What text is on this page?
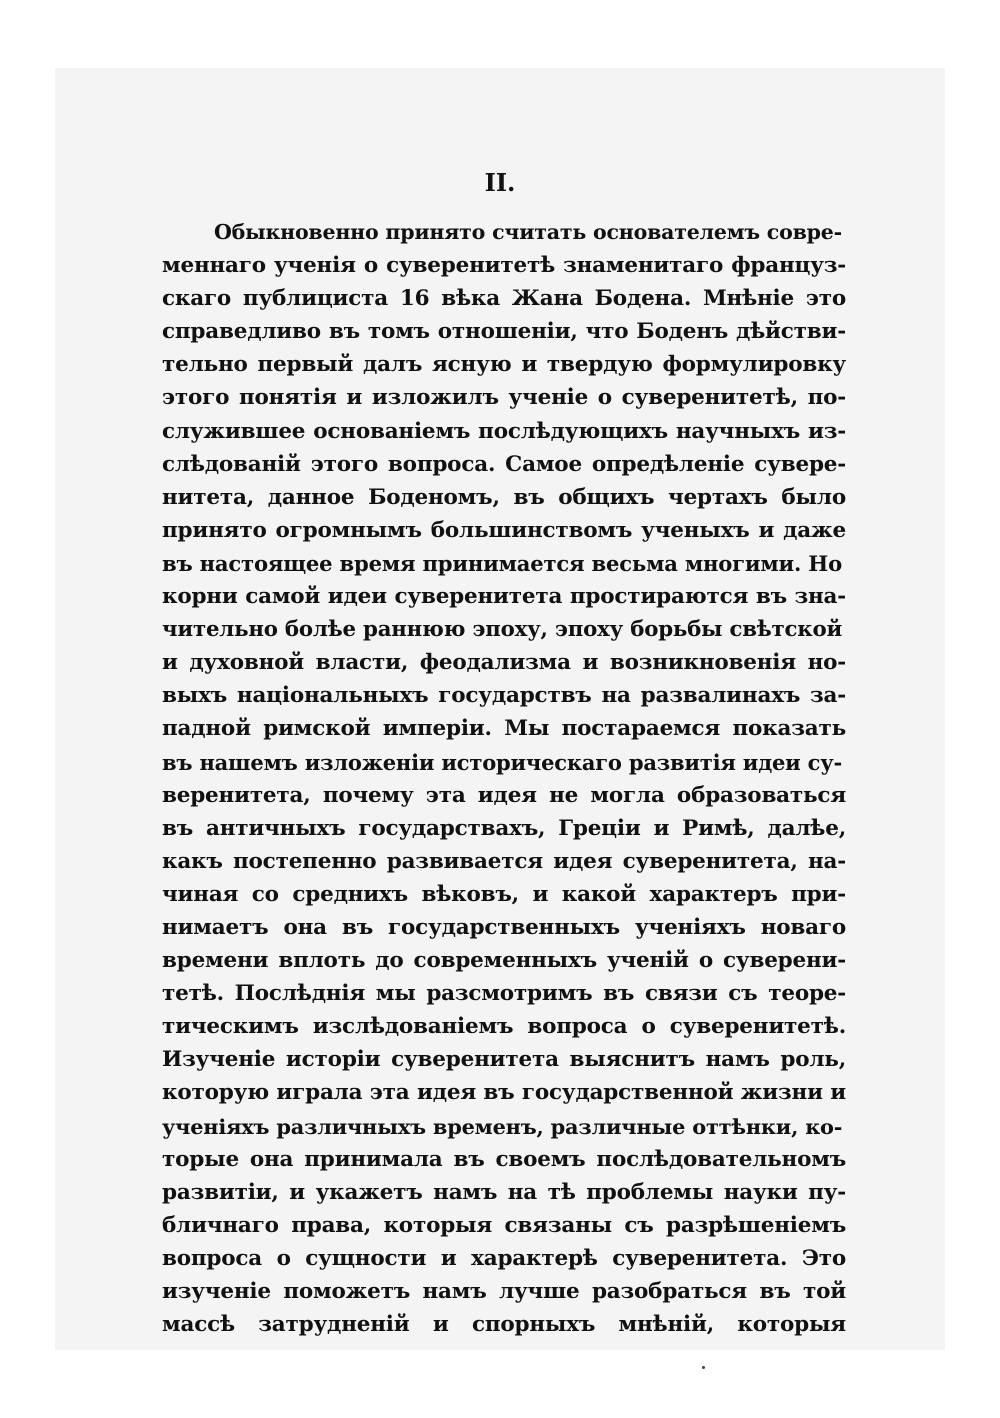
II.
Обыкновенно принято считать основателемъ совре-
меннаго ученія о суверенитетѣ знаменитаго француз-
скаго публициста 16 вѣка Жана Бодена. Мнѣніе это
справедливо въ томъ отношеніи, что Боденъ дѣйстви-
тельно первый далъ ясную и твердую формулировку
этого понятія и изложилъ ученіе о суверенитетѣ, по-
служившее основаніемъ послѣдующихъ научныхъ из-
слѣдованій этого вопроса. Самое опредѣленіе сувере-
нитета, данное Боденомъ, въ общихъ чертахъ было
принято огромнымъ большинствомъ ученыхъ и даже
въ настоящее время принимается весьма многими. Но
корни самой идеи суверенитета простираются въ зна-
чительно болѣе раннюю эпоху, эпоху борьбы свѣтской
и духовной власти, феодализма и возникновенія но-
выхъ національныхъ государствъ на развалинахъ за-
падной римской имперіи. Мы постараемся показать
въ нашемъ изложеніи историческаго развитія идеи су-
веренитета, почему эта идея не могла образоваться
въ античныхъ государствахъ, Греціи и Римѣ, далѣе,
какъ постепенно развивается идея суверенитета, на-
чиная со среднихъ вѣковъ, и какой характеръ при-
нимаетъ она въ государственныхъ ученіяхъ новаго
времени вплоть до современныхъ ученій о суверени-
тетѣ. Послѣднія мы разсмотримъ въ связи съ теоре-
тическимъ изслѣдованіемъ вопроса о суверенитетѣ.
Изученіе исторіи суверенитета выяснитъ намъ роль,
которую играла эта идея въ государственной жизни и
ученіяхъ различныхъ временъ, различные оттѣнки, ко-
торые она принимала въ своемъ послѣдовательномъ
развитіи, и укажетъ намъ на тѣ проблемы науки пу-
бличнаго права, которыя связаны съ разрѣшеніемъ
вопроса о сущности и характерѣ суверенитета. Это
изученіе поможетъ намъ лучше разобраться въ той
массѣ затрудненій и спорныхъ мнѣній, которыя
